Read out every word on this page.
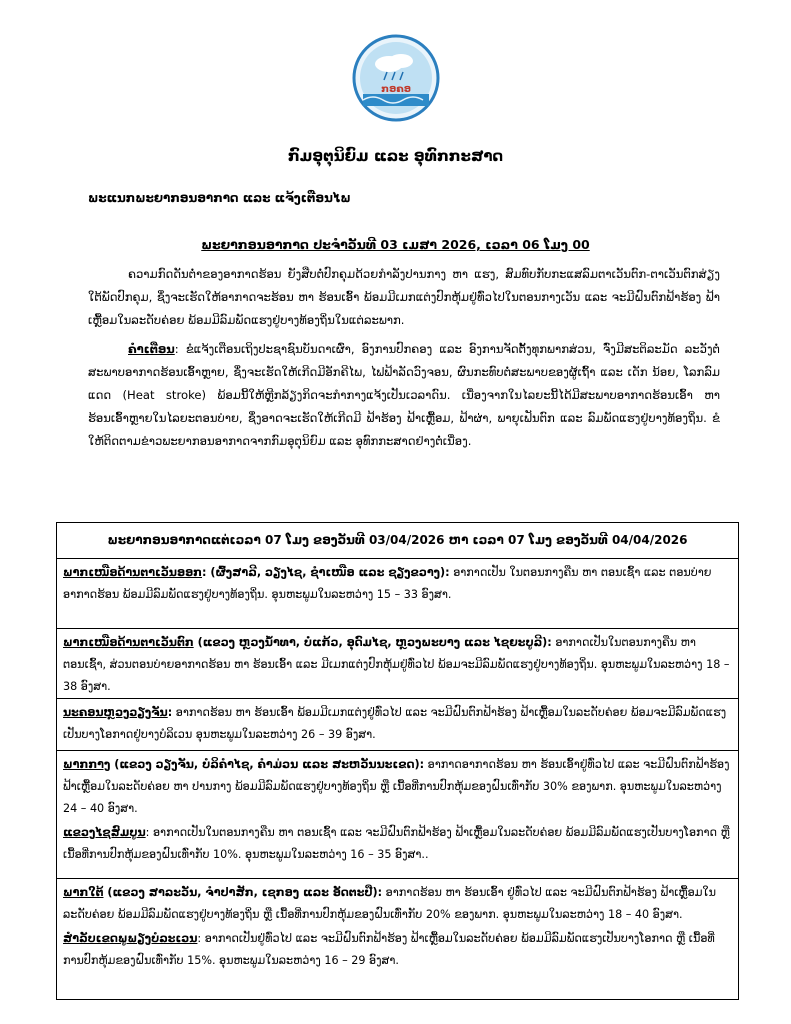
ກອຄອ
ກົມອຸຕຸນິຍົມ ແລະ ອຸທົກກະສາດ
ພະແນກພະຍາກອນອາກາດ ແລະ ແຈ້ງເຕືອນໄພ
ພະຍາກອນອາກາດ ປະຈຳວັນທີ 03 ເມສາ 2026, ເວລາ 06 ໂມງ 00

ຄວາມກົດດັນຕ່ຳຂອງອາກາດຮ້ອນ ຍັງສືບຕໍ່ປົກຄຸມດ້ວຍກຳລັງປານກາງ ຫາ ແຮງ, ສົມທົບກັບກະແສລົມຕາເວັນຕົກ-ຕາເວັນຕົກສ່ຽງໃຕ້ພັດປົກຄຸມ, ຊຶ່ງຈະເຮັດໃຫ້ອາກາດຈະຮ້ອນ ຫາ ຮ້ອນເອົ້າ ພ້ອມມີເມກແຕ່ງປົກຫຸ້ມຢູ່ທົ່ວໄປໃນຕອນກາງເວັນ ແລະ ຈະມີຝົນຕົກຟ້າຮ້ອງ ຟ້າເຫຼື້ອມໃນລະດັບຄ່ອຍ ພ້ອມມີລົມພັດແຮງຢູ່ບາງທ້ອງຖິ່ນໃນແຕ່ລະພາກ.

ຄຳເຕືອນ: ຂໍແຈ້ງເຕືອນເຖິງປະຊາຊົນບັນດາເຜົ່າ, ອົງການປົກຄອງ ແລະ ອົງການຈັດຕັ້ງທຸກພາກສ່ວນ, ຈົ່ງມີສະຕິລະມັດ ລະວັງຕໍ່ສະພາບອາກາດຮ້ອນເອົ້າຫຼາຍ, ຊຶ່ງຈະເຮັດໃຫ້ເກີດມີອັກຄີໄພ, ໄຟຟ້າລັດວົງຈອນ, ຜົນກະທົບຕໍ່ສະພາບຂອງຜູ້ເຖົ້າ ແລະ ເດັກ ນ້ອຍ, ໂລກລົມແດດ (Heat stroke) ພ້ອມນີ້ໃຫ້ຫຼີກລ້ຽງກິດຈະກຳກາງແຈ້ງເປັນເວລາດົນ. ເນື່ອງຈາກໃນໄລຍະນີ້ໄດ້ມີສະພາບອາກາດຮ້ອນເອົ້າ ຫາ ຮ້ອນເອົ້າຫຼາຍໃນໄລຍະຕອນບ່າຍ, ຊຶ່ງອາດຈະເຮັດໃຫ້ເກີດມີ ຟ້າຮ້ອງ ຟ້າເຫຼື້ອມ, ຟ້າຜ່າ, ພາຍຸເຟັນຕົກ ແລະ ລົມພັດແຮງຢູ່ບາງທ້ອງຖິ່ນ. ຂໍໃຫ້ຕິດຕາມຂ່າວພະຍາກອນອາກາດຈາກກົມອຸຕຸນິຍົມ ແລະ ອຸທົກກະສາດຢ່າງຕໍ່ເນື່ອງ.

ພະຍາກອນອາກາດແຕ່ເວລາ 07 ໂມງ ຂອງວັນທີ 03/04/2026 ຫາ ເວລາ 07 ໂມງ ຂອງວັນທີ 04/04/2026
ພາກເໜືອດ້ານຕາເວັນອອກ: (ຜົ້ງສາລີ, ວຽງໄຊ, ຊຳເໜືອ ແລະ ຊຽງຂວາງ): ອາກາດເປັນ ໃນຕອນກາງຄືນ ຫາ ຕອນເຊົ້າ ແລະ ຕອນບ່າຍອາກາດຮ້ອນ ພ້ອມມີລົມພັດແຮງຢູ່ບາງທ້ອງຖິ່ນ. ອຸນຫະພູມໃນລະຫວ່າງ 15 – 33 ອົງສາ.
ພາກເໜືອດ້ານຕາເວັນຕົກ (ແຂວງ ຫຼວງນ້ຳທາ, ບໍ່ແກ້ວ, ອຸດົມໄຊ, ຫຼວງພະບາງ ແລະ ໄຊຍະບູລີ): ອາກາດເປັນໃນຕອນກາງຄືນ ຫາ ຕອນເຊົ້າ, ສ່ວນຕອນບ່າຍອາກາດຮ້ອນ ຫາ ຮ້ອນເອົ້າ ແລະ ມີເມກແຕ່ງປົກຫຸ້ມຢູ່ທົ່ວໄປ ພ້ອມຈະມີລົມພັດແຮງຢູ່ບາງທ້ອງຖິ່ນ. ອຸນຫະພູມໃນລະຫວ່າງ 18 – 38 ອົງສາ.
ນະຄອນຫຼວງວຽງຈັນ: ອາກາດຮ້ອນ ຫາ ຮ້ອນເອົ້າ ພ້ອມມີເມກແຕ່ງຢູ່ທົ່ວໄປ ແລະ ຈະມີຝົນຕົກຟ້າຮ້ອງ ຟ້າເຫຼື້ອມໃນລະດັບຄ່ອຍ ພ້ອມຈະມີລົມພັດແຮງເປັນບາງໂອກາດຢູ່ບາງບໍລິເວນ ອຸນຫະພູມໃນລະຫວ່າງ 26 – 39 ອົງສາ.
ພາກກາງ (ແຂວງ ວຽງຈັນ, ບໍລິຄຳໄຊ, ຄຳມ່ວນ ແລະ ສະຫວັນນະເຂດ): ອາກາດອາກາດຮ້ອນ ຫາ ຮ້ອນເອົ້າຢູ່ທົ່ວໄປ ແລະ ຈະມີຝົນຕົກຟ້າຮ້ອງ ຟ້າເຫຼື້ອມໃນລະດັບຄ່ອຍ ຫາ ປານກາງ ພ້ອມມີລົມພັດແຮງຢູ່ບາງທ້ອງຖິ່ນ ຫຼື ເນື້ອທີ່ການປົກຫຸ້ມຂອງຝົນເທົ່າກັບ 30% ຂອງພາກ. ອຸນຫະພູມໃນລະຫວ່າງ 24 – 40 ອົງສາ.
ແຂວງໄຊສົມບູນ: ອາກາດເປັນໃນຕອນກາງຄືນ ຫາ ຕອນເຊົ້າ ແລະ ຈະມີຝົນຕົກຟ້າຮ້ອງ ຟ້າເຫຼື້ອມໃນລະດັບຄ່ອຍ ພ້ອມມີລົມພັດແຮງເປັນບາງໂອກາດ ຫຼື ເນື້ອທີ່ການປົກຫຸ້ມຂອງຝົນເທົ່າກັບ 10%. ອຸນຫະພູມໃນລະຫວ່າງ 16 – 35 ອົງສາ..
ພາກໃຕ້ (ແຂວງ ສາລະວັນ, ຈຳປາສັກ, ເຊກອງ ແລະ ອັດຕະປື): ອາກາດຮ້ອນ ຫາ ຮ້ອນເອົ້າ ຢູ່ທົ່ວໄປ ແລະ ຈະມີຝົນຕົກຟ້າຮ້ອງ ຟ້າເຫຼື້ອມໃນລະດັບຄ່ອຍ ພ້ອມມີລົມພັດແຮງຢູ່ບາງທ້ອງຖິ່ນ ຫຼື ເນື້ອທີ່ການປົກຫຸ້ມຂອງຝົນເທົ່າກັບ 20% ຂອງພາກ. ອຸນຫະພູມໃນລະຫວ່າງ 18 – 40 ອົງສາ.
ສຳລັບເຂດພູພຽງບໍລະເວນ: ອາກາດເປັນຢູ່ທົ່ວໄປ ແລະ ຈະມີຝົນຕົກຟ້າຮ້ອງ ຟ້າເຫຼື້ອມໃນລະດັບຄ່ອຍ ພ້ອມມີລົມພັດແຮງເປັນບາງໂອກາດ ຫຼື ເນື້ອທີ່ການປົກຫຸ້ມຂອງຝົນເທົ່າກັບ 15%. ອຸນຫະພູມໃນລະຫວ່າງ 16 – 29 ອົງສາ.
